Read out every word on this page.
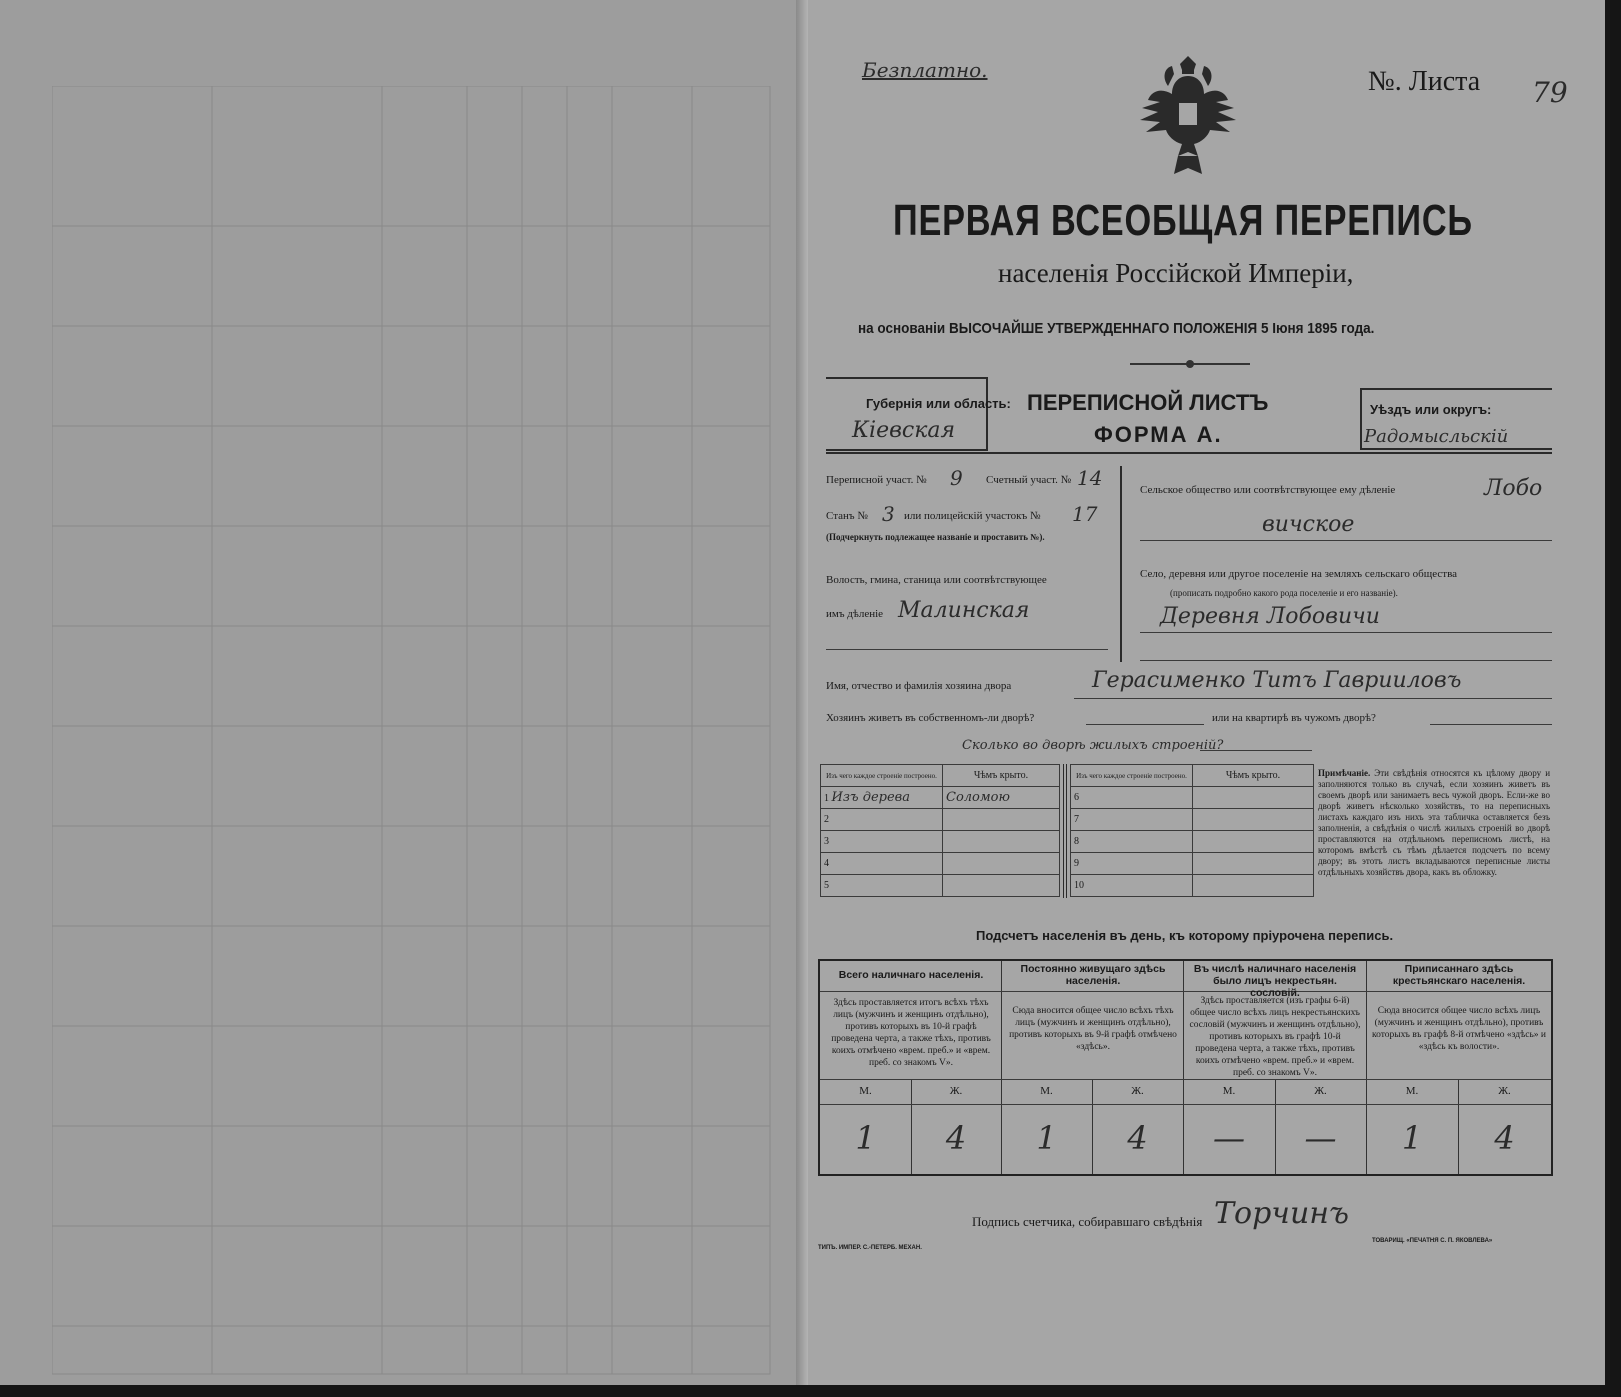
Безплатно.	№. Листа 79
ПЕРВАЯ ВСЕОБЩАЯ ПЕРЕПИСЬ
населенія Россійской Имперіи,
на основаніи ВЫСОЧАЙШЕ УТВЕРЖДЕННАГО ПОЛОЖЕНІЯ 5 Іюня 1895 года.
Губернія или область:
Кіевская
ПЕРЕПИСНОЙ ЛИСТЪ
ФОРМА А.
Уѣздъ или округъ:
Радомысльскій
Переписной участ. № 9 Счетный участ. № 14
Станъ № 3 или полицейскій участокъ № 17
(Подчеркнуть подлежащее названіе и проставить №).
Волость, гмина, станица или соотвѣтствующее
имъ дѣленіе Малинская
Сельское общество или соотвѣтствующее ему дѣленіе	Лобо
вичское
Село, деревня или другое поселеніе на земляхъ сельскаго общества
(прописать подробно какого рода поселеніе и его названіе).
Деревня Лобовичи
Имя, отчество и фамилія хозяина двора	Герасименко Титъ Гаврииловъ
Хозяинъ живетъ въ собственномъ-ли дворѣ?	или на квартирѣ въ чужомъ дворѣ?
Сколько во дворѣ жилыхъ строеній?
Изъ чего каждое строеніе построено.	Чѣмъ крыто.
1 Изъ дерева	Соломою
2	
3	
4	
5	
Изъ чего каждое строеніе построено.	Чѣмъ крыто.
6	
7	
8	
9	
10	
Примѣчаніе. Эти свѣдѣнія относятся къ цѣлому двору и заполняются только въ случаѣ, если хозяинъ живетъ въ своемъ дворѣ или занимаетъ весь чужой дворъ. Если-же во дворѣ живетъ нѣсколько хозяйствъ, то на переписныхъ листахъ каждаго изъ нихъ эта табличка оставляется безъ заполненія, а свѣдѣнія о числѣ жилыхъ строеній во дворѣ проставляются на отдѣльномъ переписномъ листѣ, на которомъ вмѣстѣ съ тѣмъ дѣлается подсчетъ по всему двору; въ этотъ листъ вкладываются переписные листы отдѣльныхъ хозяйствъ двора, какъ въ обложку.
Подсчетъ населенія въ день, къ которому пріурочена перепись.
Всего наличнаго населенія.	Постоянно живущаго здѣсь населенія.
Въ числѣ наличнаго населенія было лицъ некрестьян. сословій.
Приписаннаго здѣсь крестьянскаго населенія.
Здѣсь проставляется итогъ всѣхъ тѣхъ лицъ (мужчинъ и женщинъ отдѣльно), противъ которыхъ въ 10-й графѣ проведена черта, а также тѣхъ, противъ коихъ отмѣчено «врем. преб.» и «врем. преб. со знакомъ V».
Сюда вносится общее число всѣхъ тѣхъ лицъ (мужчинъ и женщинъ отдѣльно), противъ которыхъ въ 9-й графѣ отмѣчено «здѣсь».
Здѣсь проставляется (изъ графы 6-й) общее число всѣхъ лицъ некрестьянскихъ сословій (мужчинъ и женщинъ отдѣльно), противъ которыхъ въ графѣ 10-й проведена черта, а также тѣхъ, противъ коихъ отмѣчено «врем. преб.» и «врем. преб. со знакомъ V».
Сюда вносится общее число всѣхъ лицъ (мужчинъ и женщинъ отдѣльно), противъ которыхъ въ графѣ 8-й отмѣчено «здѣсь» и «здѣсь къ волости».
М.	Ж.	М.	Ж.	М.	Ж.	М.	Ж.
1	4	1	4	—	—	1	4
Подпись счетчика, собиравшаго свѣдѣнія Торчинъ
ТИПЪ. ИМПЕР. С.-ПЕТЕРБ. МЕХАН.
ТОВАРИЩ. «ПЕЧАТНЯ С. П. ЯКОВЛЕВА»
